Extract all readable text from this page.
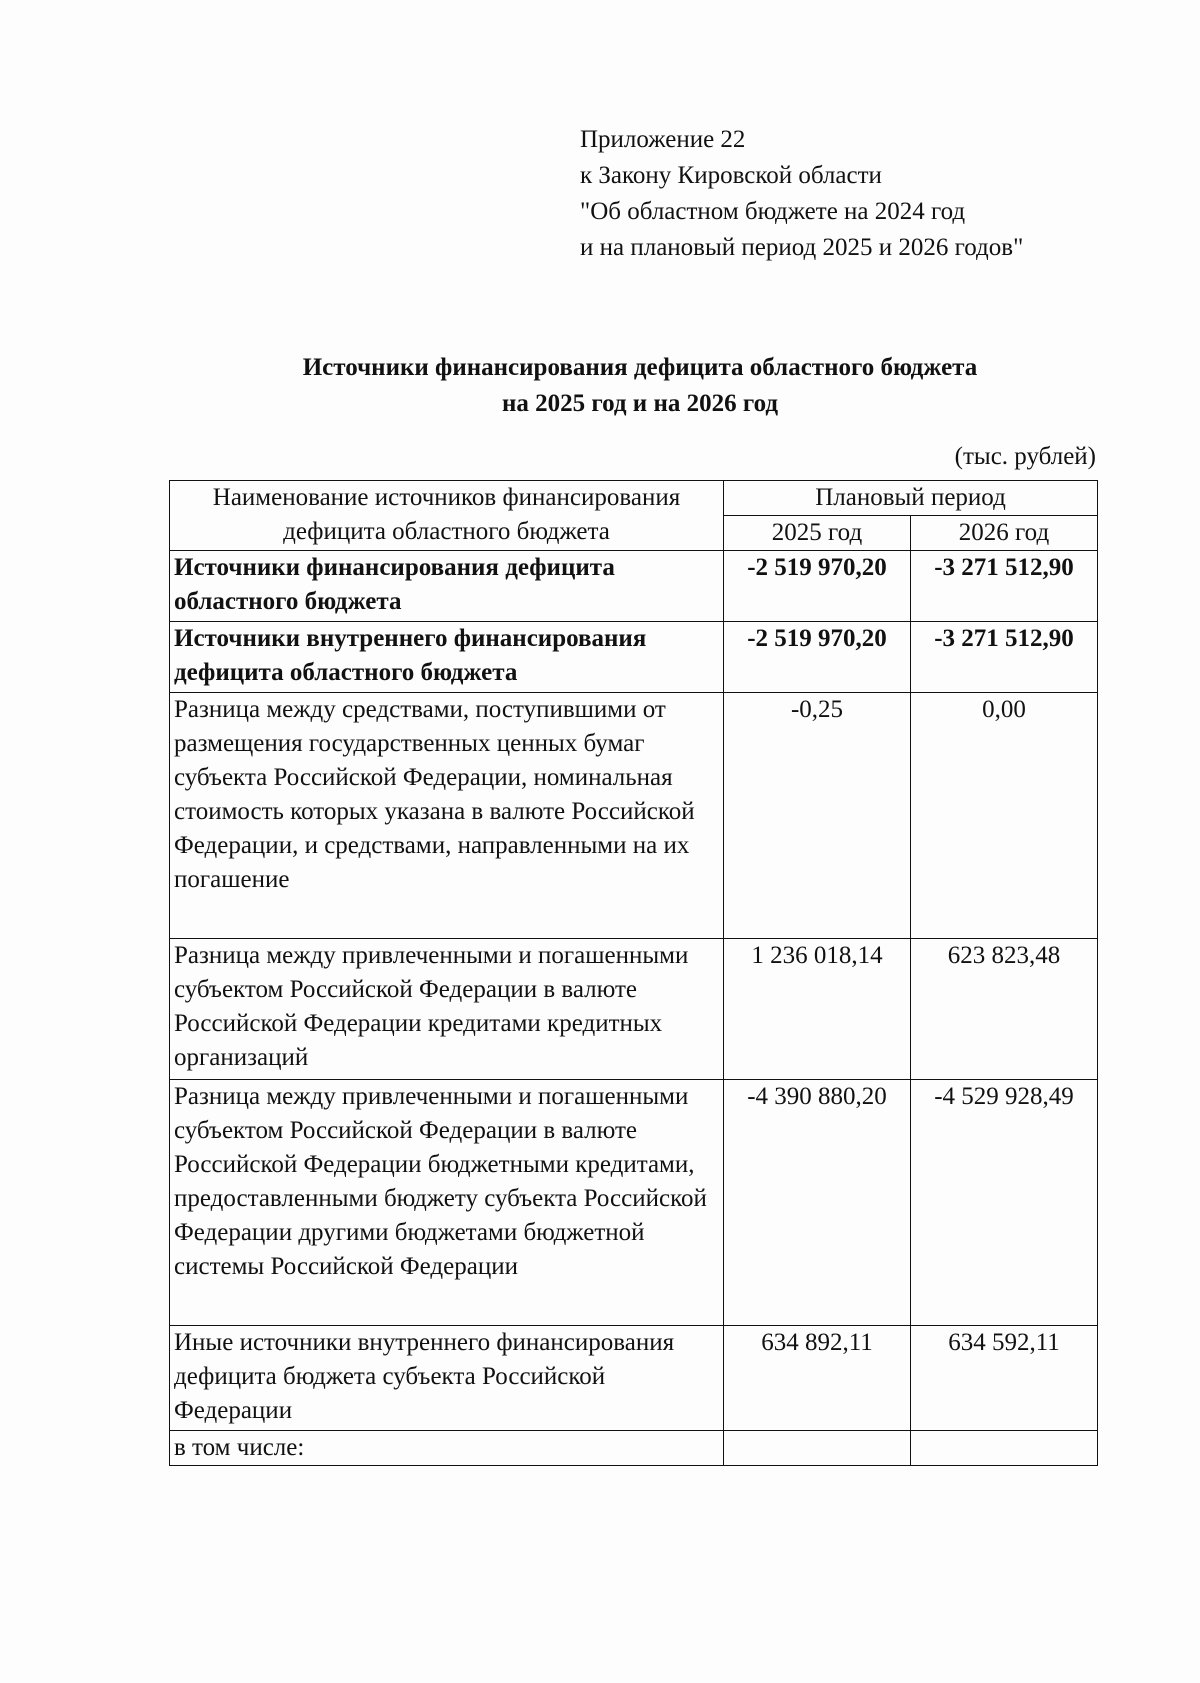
Приложение 22
к Закону Кировской области
"Об областном бюджете на 2024 год
и на плановый период 2025 и 2026 годов"
Источники финансирования дефицита областного бюджета
на 2025 год и на 2026 год
(тыс. рублей)
Наименование источников финансирования дефицита областного бюджета	Плановый период	
	2025 год	2026 год
Источники финансирования дефицита областного бюджета	-2 519 970,20	-3 271 512,90
Источники внутреннего финансирования дефицита областного бюджета	-2 519 970,20	-3 271 512,90
Разница между средствами, поступившими от размещения государственных ценных бумаг субъекта Российской Федерации, номинальная стоимость которых указана в валюте Российской Федерации, и средствами, направленными на их погашение	-0,25	0,00
Разница между привлеченными и погашенными субъектом Российской Федерации в валюте Российской Федерации кредитами кредитных организаций	1 236 018,14	623 823,48
Разница между привлеченными и погашенными субъектом Российской Федерации в валюте Российской Федерации бюджетными кредитами, предоставленными бюджету субъекта Российской Федерации другими бюджетами бюджетной системы Российской Федерации	-4 390 880,20	-4 529 928,49
Иные источники внутреннего финансирования дефицита бюджета субъекта Российской Федерации	634 892,11	634 592,11
в том числе:		
